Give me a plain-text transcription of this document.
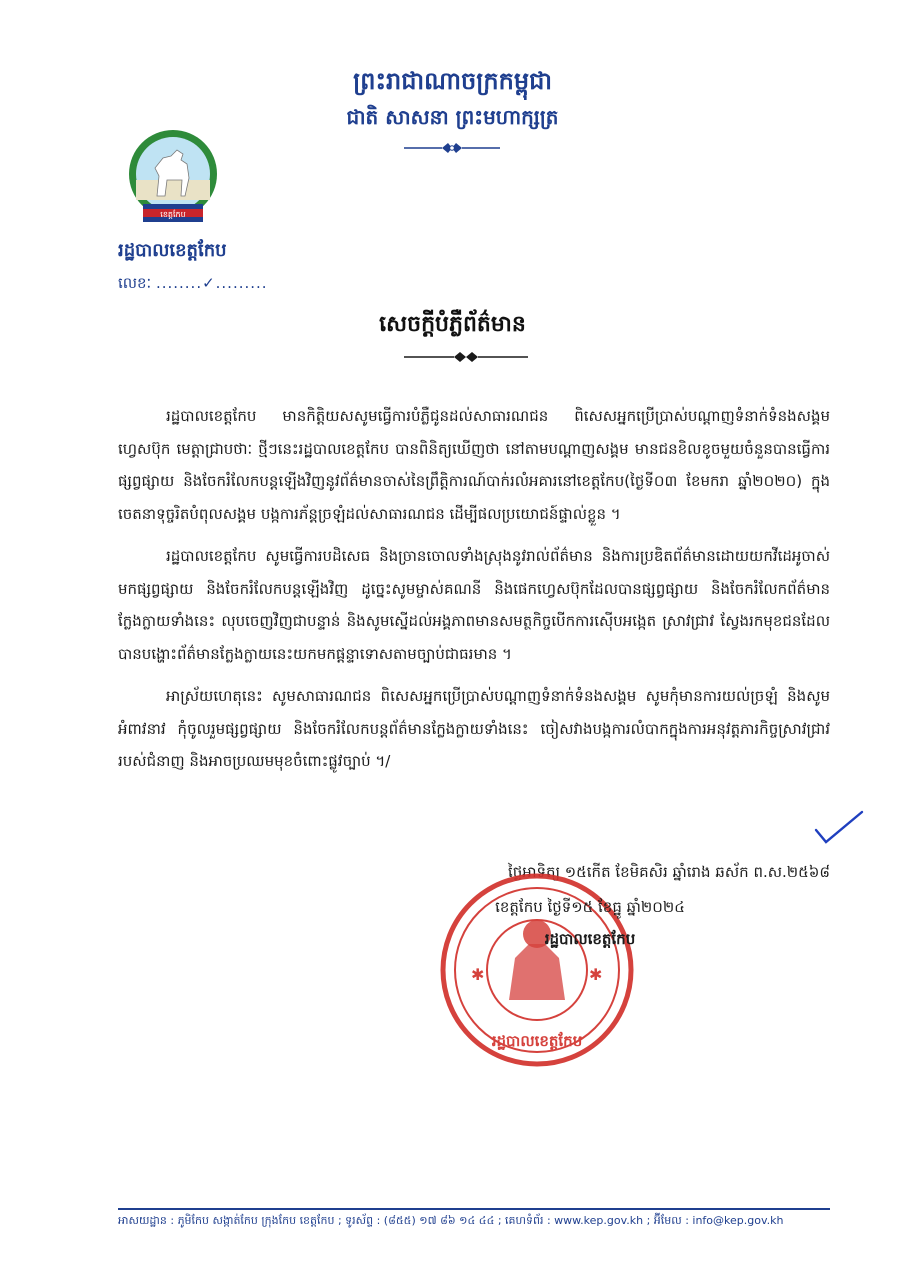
ព្រះរាជាណាចក្រកម្ពុជា
ជាតិ សាសនា ព្រះមហាក្សត្រ
ខេត្តកែប
រដ្ឋបាលខេត្តកែប
លេខៈ ........✓.........
សេចក្ដីបំភ្លឺព័ត៌មាន

រដ្ឋបាលខេត្តកែប មានកិត្តិយសសូមធ្វើការបំភ្លឺជូនដល់សាធារណជន ពិសេសអ្នកប្រើប្រាស់បណ្ដាញទំនាក់ទំនងសង្គមហ្វេសប៊ុក មេត្តាជ្រាបថាៈ ថ្មីៗនេះរដ្ឋបាលខេត្តកែប បានពិនិត្យឃើញថា នៅតាមបណ្ដាញសង្គម មានជនខិលខូចមួយចំនួនបានធ្វើការផ្សព្វផ្សាយ និងចែករំលែកបន្តឡើងវិញនូវព័ត៌មានចាស់នៃព្រឹត្តិការណ៍បាក់រលំអគារនៅខេត្តកែប(ថ្ងៃទី០៣ ខែមករា ឆ្នាំ២០២០) ក្នុងចេតនាទុច្ចរិតបំពុលសង្គម បង្កការភ័ន្តច្រឡំដល់សាធារណជន ដើម្បីផលប្រយោជន៍ផ្ទាល់ខ្លួន ។

រដ្ឋបាលខេត្តកែប សូមធ្វើការបដិសេធ និងច្រានចោលទាំងស្រុងនូវរាល់ព័ត៌មាន និងការប្រឌិតព័ត៌មានដោយយកវីដេអូចាស់ មកផ្សព្វផ្សាយ និងចែករំលែកបន្តឡើងវិញ ដូច្នេះសូមម្ចាស់គណនី និងផេកហ្វេសប៊ុកដែលបានផ្សព្វផ្សាយ និងចែករំលែកព័ត៌មានក្លែងក្លាយទាំងនេះ លុបចេញវិញជាបន្ទាន់ និងសូមស្នើដល់អង្គភាពមានសមត្ថកិច្ចបើកការស៊ើបអង្កេត ស្រាវជ្រាវ ស្វែងរកមុខជនដែលបានបង្ហោះព័ត៌មានក្លែងក្លាយនេះយកមកផ្ដន្ទាទោសតាមច្បាប់ជាធរមាន ។

អាស្រ័យហេតុនេះ សូមសាធារណជន ពិសេសអ្នកប្រើប្រាស់បណ្ដាញទំនាក់ទំនងសង្គម សូមកុំមានការយល់ច្រឡំ និងសូមអំពាវនាវ កុំចូលរួមផ្សព្វផ្សាយ និងចែករំលែកបន្តព័ត៌មានក្លែងក្លាយទាំងនេះ ចៀសវាងបង្កការលំបាកក្នុងការអនុវត្តភារកិច្ចស្រាវជ្រាវរបស់ជំនាញ និងអាចប្រឈមមុខចំពោះផ្លូវច្បាប់ ។/

ថ្ងៃអាទិត្យ ១៥កើត ខែមិគសិរ ឆ្នាំរោង ឆស័ក ព.ស.២៥៦៨
✱	✱
រដ្ឋបាលខេត្តកែប
ខេត្តកែប ថ្ងៃទី១៥ ខែធ្នូ ឆ្នាំ២០២៤
រដ្ឋបាលខេត្តកែប
អាសយដ្ឋាន : ភូមិកែប សង្កាត់កែប ក្រុងកែប ខេត្តកែប ; ទូរស័ព្ទ : (៨៥៥) ១៧ ៨៦ ១៤ ៤៤ ; គេហទំព័រ : www.kep.gov.kh ; អ៊ីមែល : info@kep.gov.kh
